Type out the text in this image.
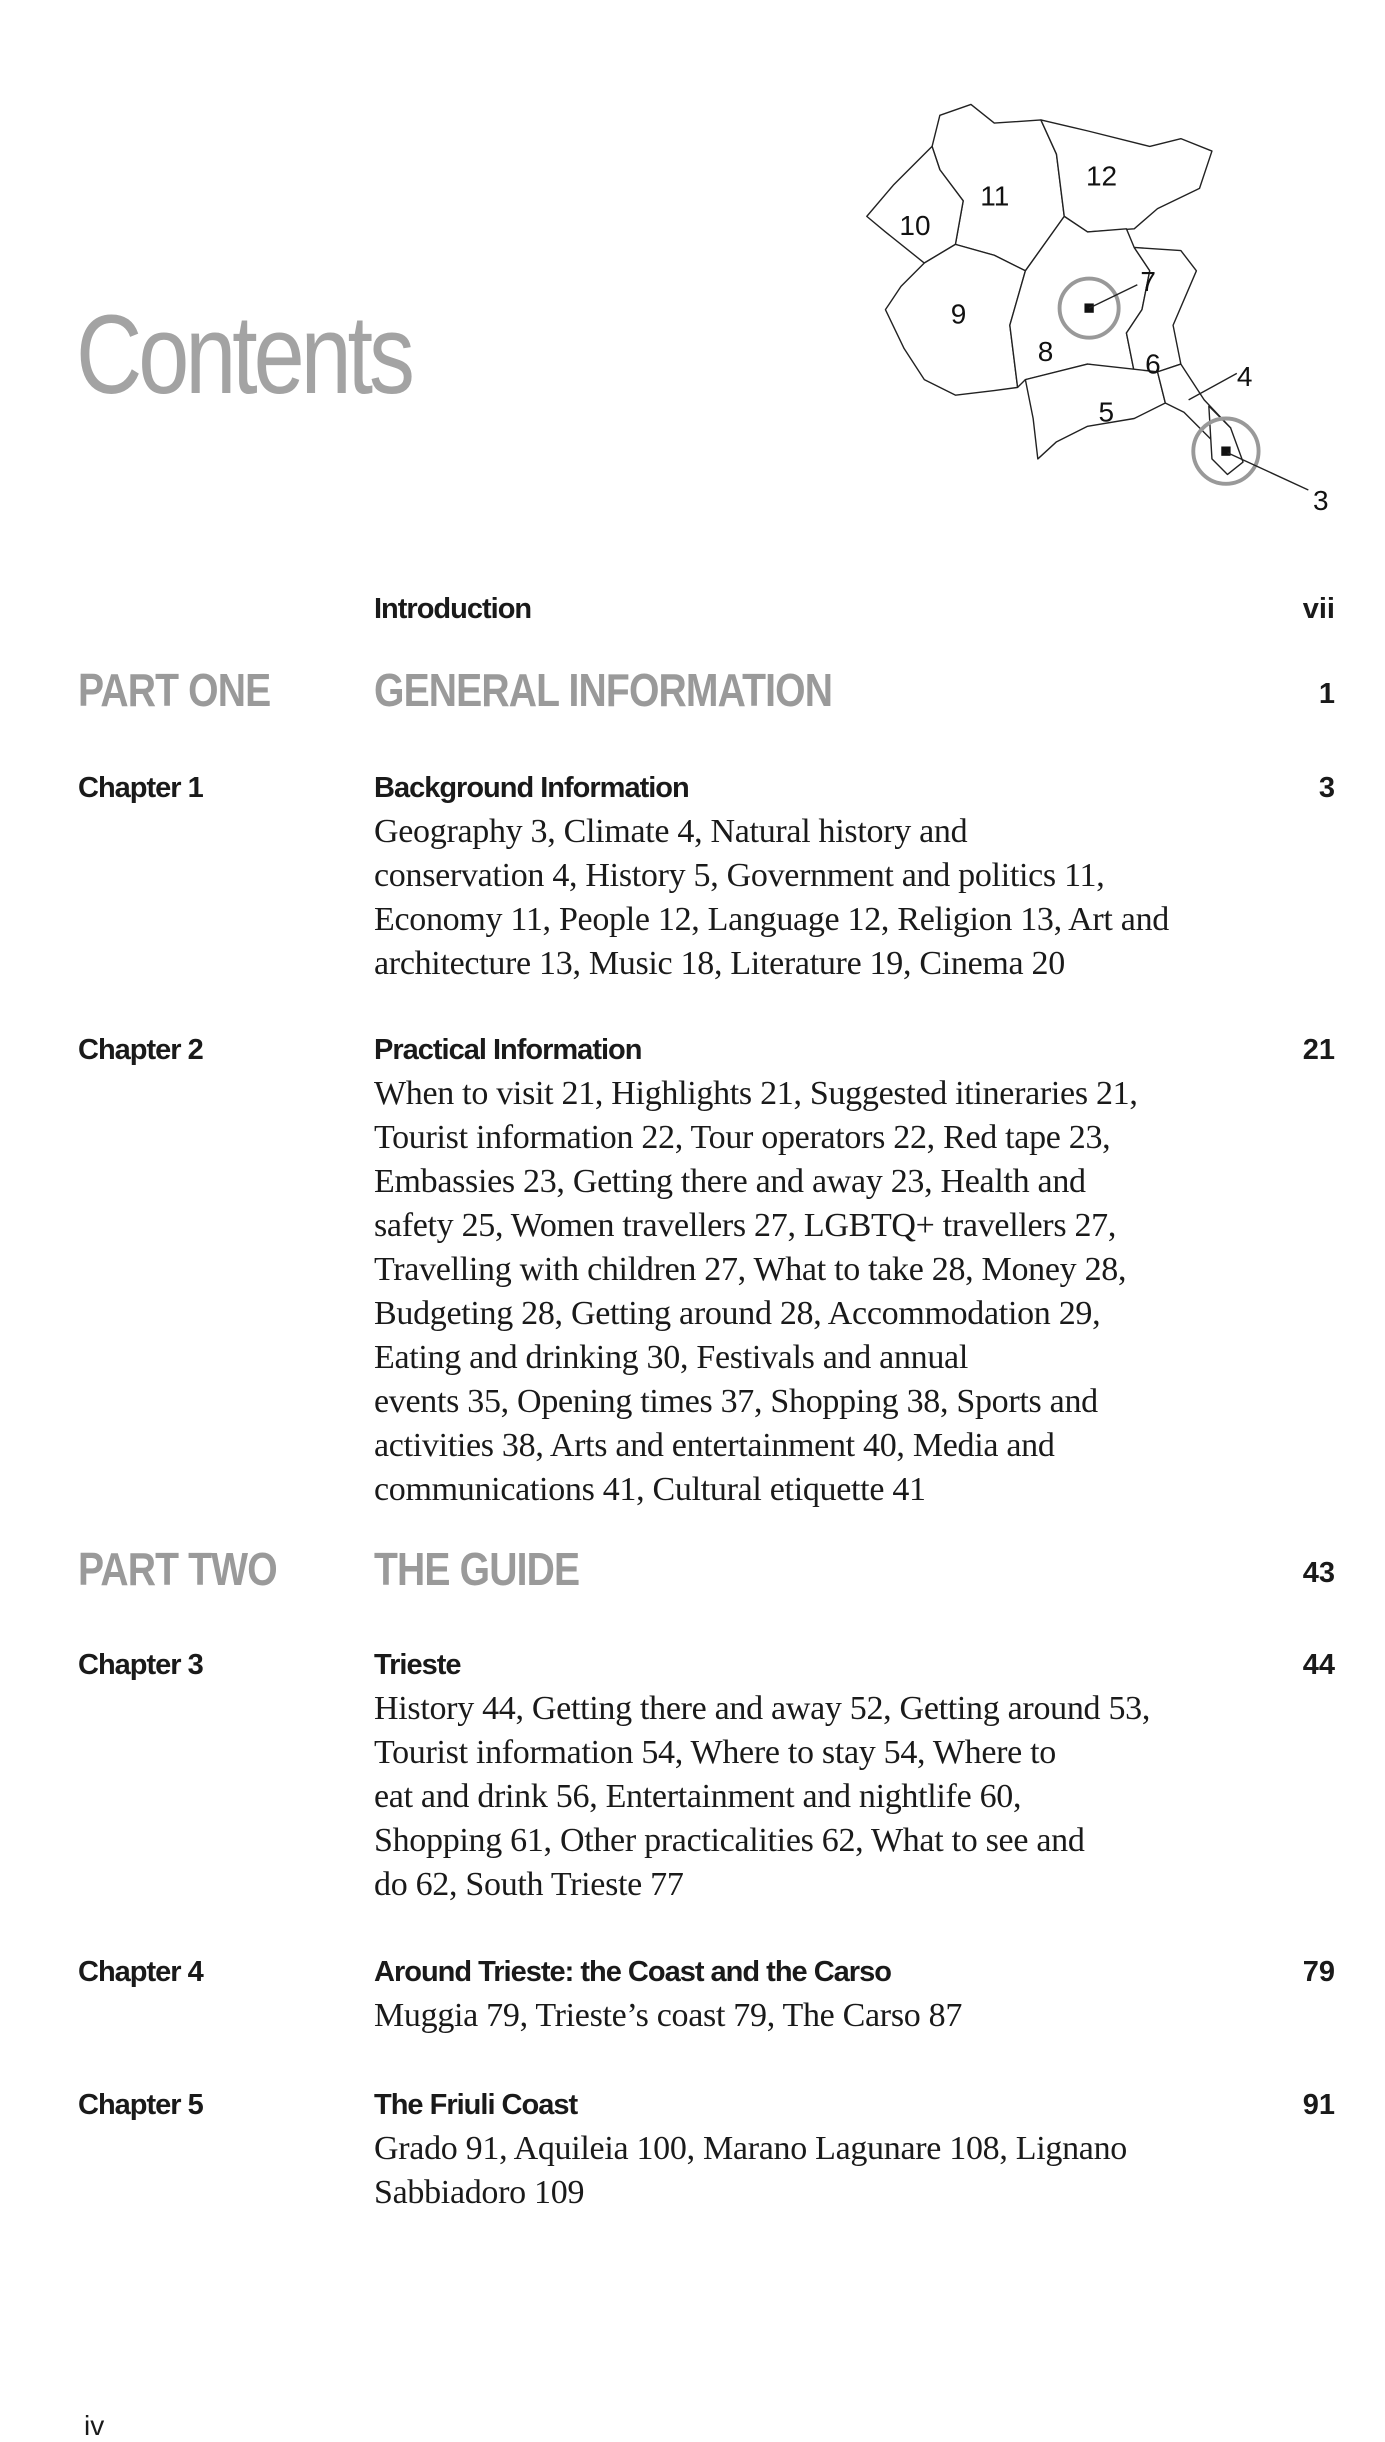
Contents
3
4
5
6
7
8
9
10
11
12
Introduction	vii
PART ONE GENERAL INFORMATION	1
Chapter 1	Background Information	3
Geography 3, Climate 4, Natural history and
conservation 4, History 5, Government and politics 11,
Economy 11, People 12, Language 12, Religion 13, Art and
architecture 13, Music 18, Literature 19, Cinema 20
Chapter 2	Practical Information	21
When to visit 21, Highlights 21, Suggested itineraries 21,
Tourist information 22, Tour operators 22, Red tape 23,
Embassies 23, Getting there and away 23, Health and
safety 25, Women travellers 27, LGBTQ+ travellers 27,
Travelling with children 27, What to take 28, Money 28,
Budgeting 28, Getting around 28, Accommodation 29,
Eating and drinking 30, Festivals and annual
events 35, Opening times 37, Shopping 38, Sports and
activities 38, Arts and entertainment 40, Media and
communications 41, Cultural etiquette 41
PART TWO THE GUIDE	43
Chapter 3	Trieste	44
History 44, Getting there and away 52, Getting around 53,
Tourist information 54, Where to stay 54, Where to
eat and drink 56, Entertainment and nightlife 60,
Shopping 61, Other practicalities 62, What to see and
do 62, South Trieste 77
Chapter 4	Around Trieste: the Coast and the Carso	79
Muggia 79, Trieste’s coast 79, The Carso 87
Chapter 5	The Friuli Coast	91
Grado 91, Aquileia 100, Marano Lagunare 108, Lignano
Sabbiadoro 109
iv
